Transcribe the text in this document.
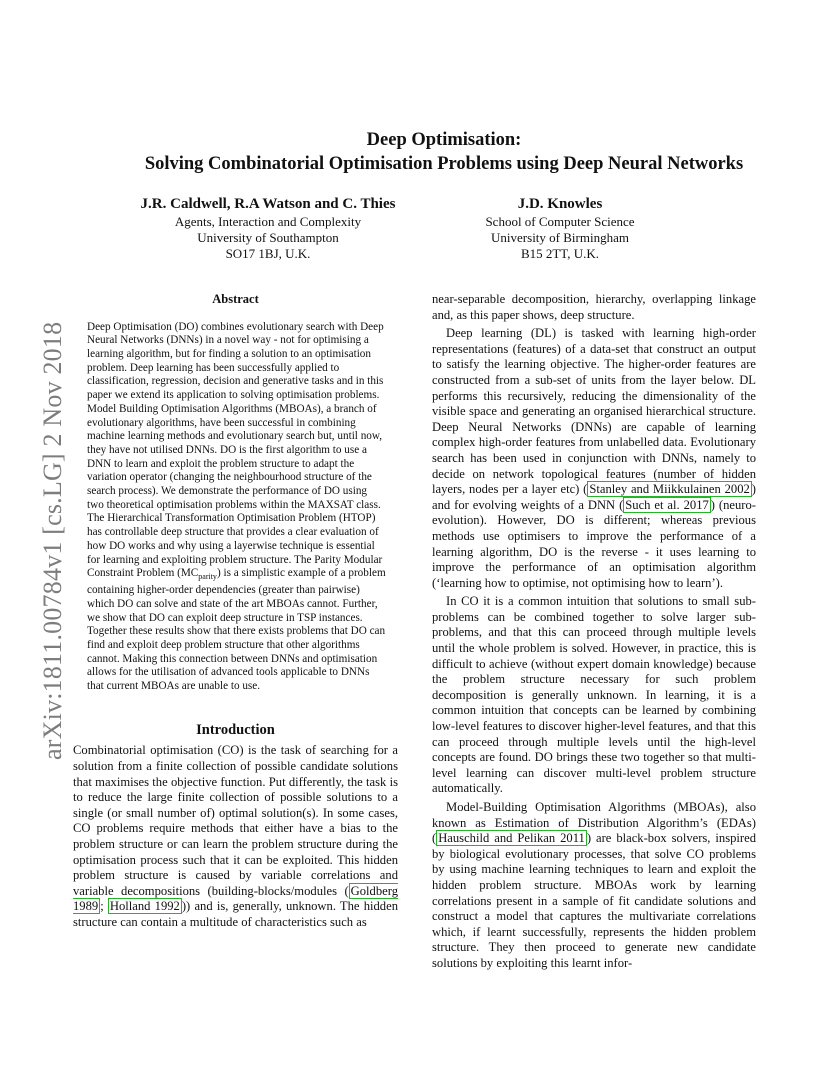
arXiv:1811.00784v1 [cs.LG] 2 Nov 2018
Deep Optimisation:
Solving Combinatorial Optimisation Problems using Deep Neural Networks
J.R. Caldwell, R.A Watson and C. Thies
Agents, Interaction and Complexity
University of Southampton
SO17 1BJ, U.K.
J.D. Knowles
School of Computer Science
University of Birmingham
B15 2TT, U.K.
Abstract

Deep Optimisation (DO) combines evolutionary search with Deep Neural Networks (DNNs) in a novel way - not for optimising a learning algorithm, but for finding a solution to an optimisation problem. Deep learning has been successfully applied to classification, regression, decision and generative tasks and in this paper we extend its application to solving optimisation problems. Model Building Optimisation Algorithms (MBOAs), a branch of evolutionary algorithms, have been successful in combining machine learning methods and evolutionary search but, until now, they have not utilised DNNs. DO is the first algorithm to use a DNN to learn and exploit the problem structure to adapt the variation operator (changing the neighbourhood structure of the search process). We demonstrate the performance of DO using two theoretical optimisation problems within the MAXSAT class. The Hierarchical Transformation Optimisation Problem (HTOP) has controllable deep structure that provides a clear evaluation of how DO works and why using a layerwise technique is essential for learning and exploiting problem structure. The Parity Modular Constraint Problem $(MC_{parity})$ is a simplistic example of a problem containing higher-order dependencies (greater than pairwise) which DO can solve and state of the art MBOAs cannot. Further, we show that DO can exploit deep structure in TSP instances. Together these results show that there exists problems that DO can find and exploit deep problem structure that other algorithms cannot. Making this connection between DNNs and optimisation allows for the utilisation of advanced tools applicable to DNNs that current MBOAs are unable to use.

Introduction

Combinatorial optimisation (CO) is the task of searching for a solution from a finite collection of possible candidate solutions that maximises the objective function. Put differently, the task is to reduce the large finite collection of possible solutions to a single (or small number of) optimal solution(s). In some cases, CO problems require methods that either have a bias to the problem structure or can learn the problem structure during the optimisation process such that it can be exploited. This hidden problem structure is caused by variable correlations and variable decompositions (building-blocks/modules ( Goldberg 1989 ; Holland 1992 )) and is, generally, unknown. The hidden structure can contain a multitude of characteristics such as

near-separable decomposition, hierarchy, overlapping linkage and, as this paper shows, deep structure.

Deep learning (DL) is tasked with learning high-order representations (features) of a data-set that construct an output to satisfy the learning objective. The higher-order features are constructed from a sub-set of units from the layer below. DL performs this recursively, reducing the dimensionality of the visible space and generating an organised hierarchical structure. Deep Neural Networks (DNNs) are capable of learning complex high-order features from unlabelled data. Evolutionary search has been used in conjunction with DNNs, namely to decide on network topological features (number of hidden layers, nodes per a layer etc) ( Stanley and Miikkulainen 2002 ) and for evolving weights of a DNN ( Such et al. 2017 ) (neuro-evolution). However, DO is different; whereas previous methods use optimisers to improve the performance of a learning algorithm, DO is the reverse - it uses learning to improve the performance of an optimisation algorithm (‘learning how to optimise, not optimising how to learn’).

In CO it is a common intuition that solutions to small sub-problems can be combined together to solve larger sub-problems, and that this can proceed through multiple levels until the whole problem is solved. However, in practice, this is difficult to achieve (without expert domain knowledge) because the problem structure necessary for such problem decomposition is generally unknown. In learning, it is a common intuition that concepts can be learned by combining low-level features to discover higher-level features, and that this can proceed through multiple levels until the high-level concepts are found. DO brings these two together so that multi-level learning can discover multi-level problem structure automatically.

Model-Building Optimisation Algorithms (MBOAs), also known as Estimation of Distribution Algorithm’s (EDAs) ( Hauschild and Pelikan 2011 ) are black-box solvers, inspired by biological evolutionary processes, that solve CO problems by using machine learning techniques to learn and exploit the hidden problem structure. MBOAs work by learning correlations present in a sample of fit candidate solutions and construct a model that captures the multivariate correlations which, if learnt successfully, represents the hidden problem structure. They then proceed to generate new candidate solutions by exploiting this learnt infor-
